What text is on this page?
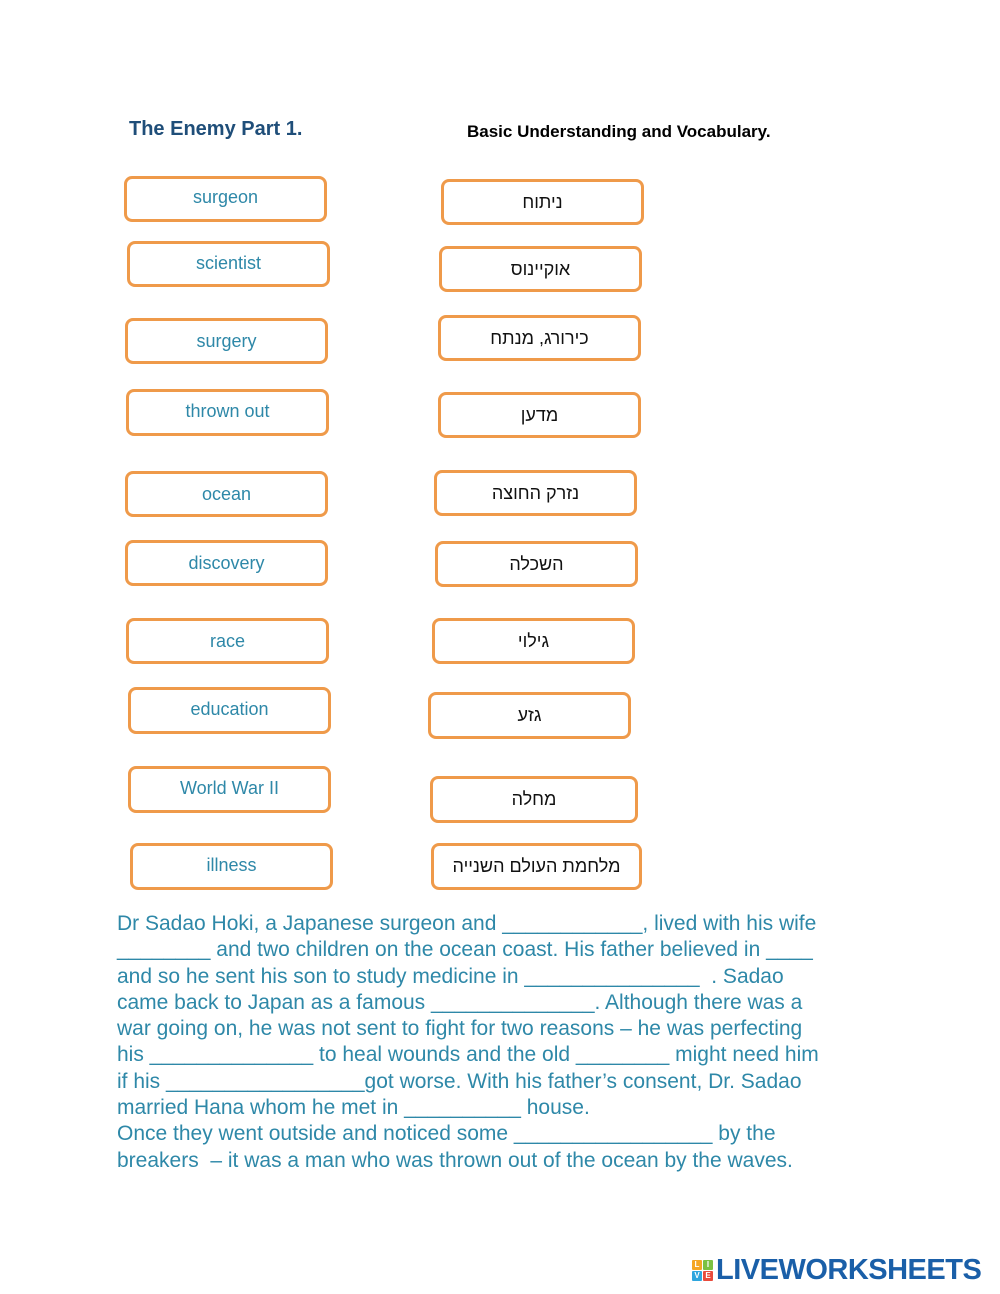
The Enemy Part 1.	Basic Understanding and Vocabulary.
surgeon
scientist
surgery
thrown out
ocean
discovery
race
education
World War II
illness
ניתוח
אוקיינוס
כירורג, מנתח
מדען
נזרק החוצה
השכלה
גילוי
גזע
מחלה
מלחמת העולם השנייה
Dr Sadao Hoki, a Japanese surgeon and ____________, lived with his wife
________ and two children on the ocean coast. His father believed in ____
and so he sent his son to study medicine in _______________  . Sadao
came back to Japan as a famous ______________. Although there was a
war going on, he was not sent to fight for two reasons – he was perfecting
his ______________ to heal wounds and the old ________ might need him
if his _________________got worse. With his father’s consent, Dr. Sadao
married Hana whom he met in __________ house.
Once they went outside and noticed some _________________ by the
breakers  – it was a man who was thrown out of the ocean by the waves.
L I
V E LIVEWORKSHEETS
